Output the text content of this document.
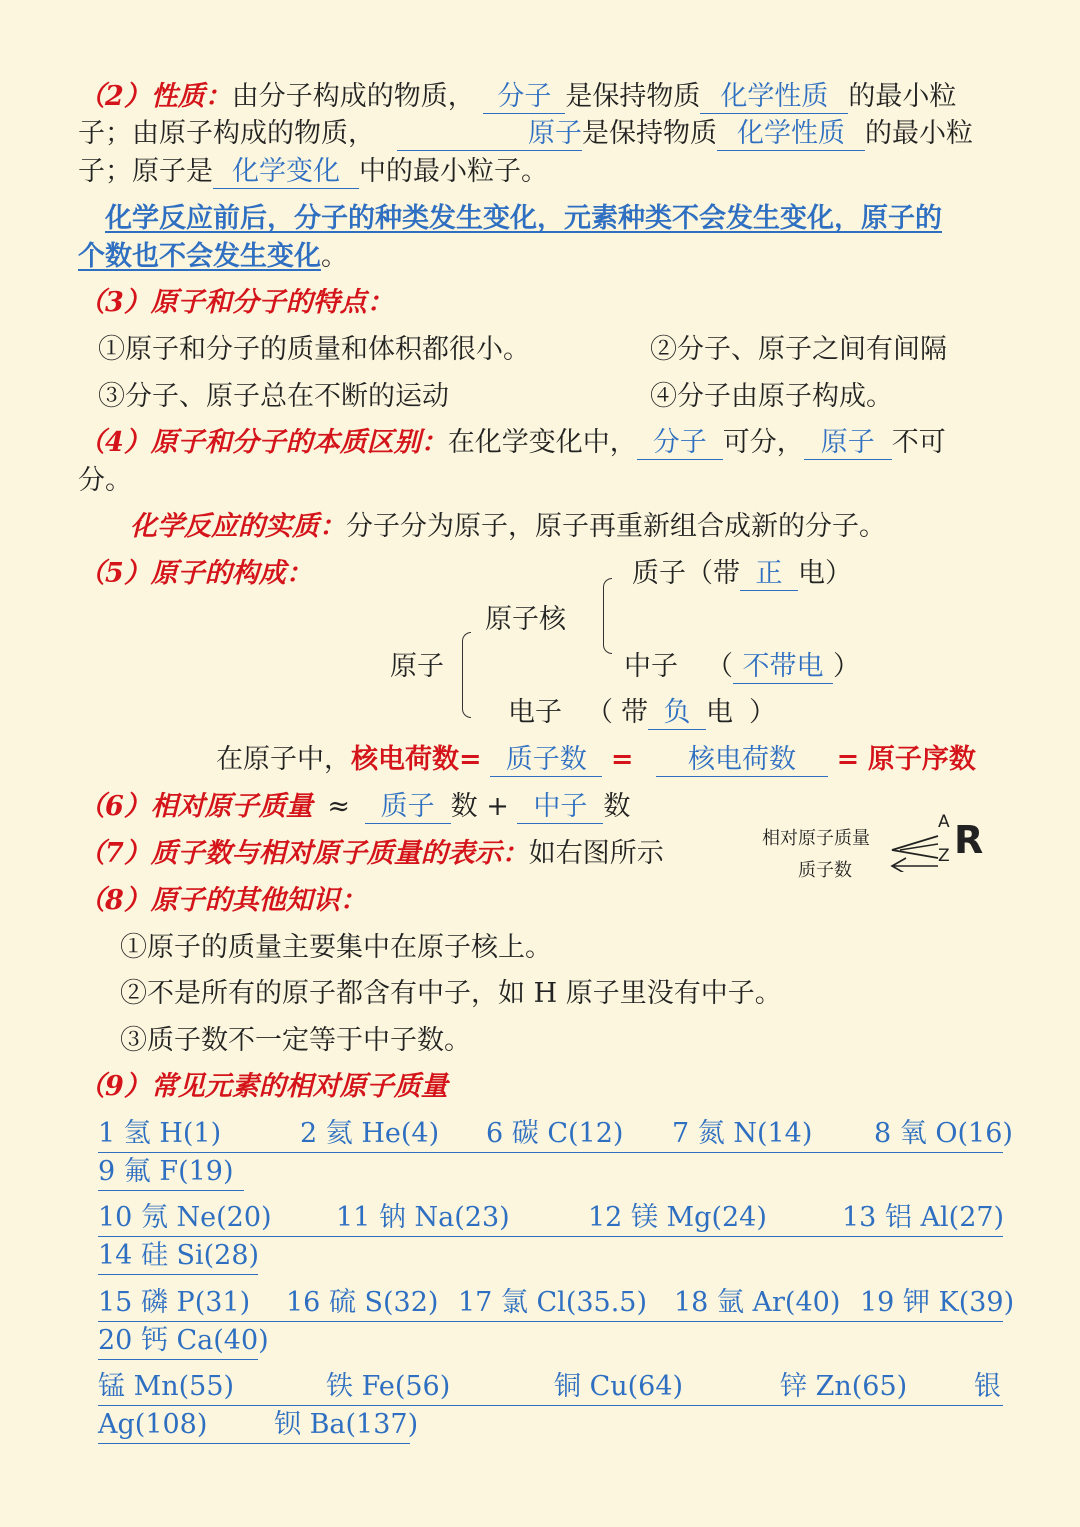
（2）性质：由分子构成的物质， 分子 是保持物质 化学性质 的最小粒
子；由原子构成的物质，	原子是保持物质 化学性质 的最小粒
子；原子是 化学变化 中的最小粒子。
化学反应前后，分子的种类发生变化，元素种类不会发生变化，原子的
个数也不会发生变化。
（3）原子和分子的特点：
①原子和分子的质量和体积都很小。	②分子、原子之间有间隔
③分子、原子总在不断的运动	④分子由原子构成。
（4）原子和分子的本质区别：在化学变化中， 分子 可分， 原子 不可
分。
化学反应的实质：分子分为原子，原子再重新组合成新的分子。
（5）原子的构成：	质子（带 正 电）
原子核
原子	中子 （ 不带电 ）
电子 （ 带 负 电 ）
在原子中，核电荷数= 质子数 = 核电荷数 = 原子序数
（6）相对原子质量 ≈ 质子 数 + 中子 数
（7）质子数与相对原子质量的表示：如右图所示	相对原子质量
质子数
A
Z R
（8）原子的其他知识：
①原子的质量主要集中在原子核上。
②不是所有的原子都含有中子，如 H 原子里没有中子。
③质子数不一定等于中子数。
（9）常见元素的相对原子质量
1 氢 H(1)	2 氦 He(4) 6 碳 C(12) 7 氮 N(14) 8 氧 O(16)
9 氟 F(19)
10 氖 Ne(20) 11 钠 Na(23)	12 镁 Mg(24)	13 铝 Al(27)
14 硅 Si(28)
15 磷 P(31) 16 硫 S(32) 17 氯 Cl(35.5) 18 氩 Ar(40) 19 钾 K(39)
20 钙 Ca(40)
锰 Mn(55)	铁 Fe(56)	铜 Cu(64)	锌 Zn(65) 银
Ag(108) 钡 Ba(137)
